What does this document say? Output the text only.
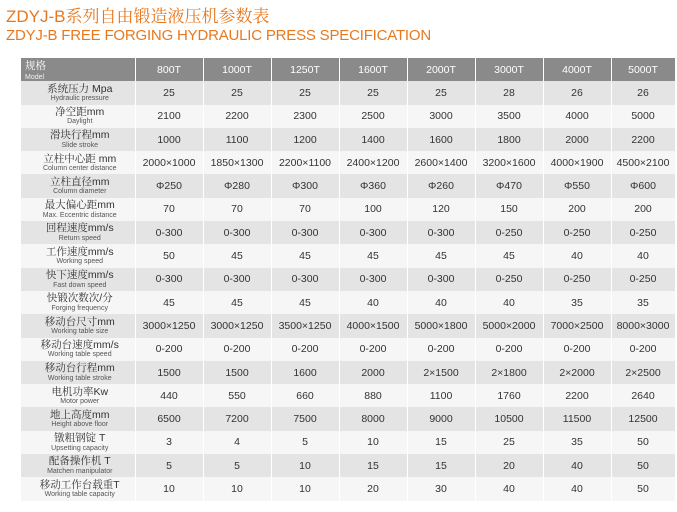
ZDYJ-B系列自由锻造液压机参数表
ZDYJ-B FREE FORGING HYDRAULIC PRESS SPECIFICATION
规格
Model	800T	1000T	1250T	1600T	2000T	3000T	4000T	5000T

系统压力 Mpa
Hydraulic pressure	25	25	25	25	25	28	26	26

净空距mm
Daylight	2100	2200	2300	2500	3000	3500	4000	5000

滑块行程mm
Slide stroke	1000	1100	1200	1400	1600	1800	2000	2200

立柱中心距 mm
Column center distance	2000×1000	1850×1300	2200×1100	2400×1200	2600×1400	3200×1600	4000×1900	4500×2100

立柱直径mm
Column diameter	Φ250	Φ280	Φ300	Φ360	Φ260	Φ470	Φ550	Φ600

最大偏心距mm
Max. Eccentric distance	70	70	70	100	120	150	200	200

回程速度mm/s
Return speed	0-300	0-300	0-300	0-300	0-300	0-250	0-250	0-250

工作速度mm/s
Working speed	50	45	45	45	45	45	40	40

快下速度mm/s
Fast down speed	0-300	0-300	0-300	0-300	0-300	0-250	0-250	0-250

快锻次数次/分
Forging frequency	45	45	45	40	40	40	35	35

移动台尺寸mm
Working table size	3000×1250	3000×1250	3500×1250	4000×1500	5000×1800	5000×2000	7000×2500	8000×3000

移动台速度mm/s
Working table speed	0-200	0-200	0-200	0-200	0-200	0-200	0-200	0-200

移动台行程mm
Working table stroke	1500	1500	1600	2000	2×1500	2×1800	2×2000	2×2500

电机功率Kw
Motor power	440	550	660	880	1100	1760	2200	2640

地上高度mm
Height above floor	6500	7200	7500	8000	9000	10500	11500	12500

镦粗钢锭 T
Upsetting capacity	3	4	5	10	15	25	35	50

配备操作机 T
Matchen manipulator	5	5	10	15	15	20	40	50

移动工作台载重T
Working table capacity	10	10	10	20	30	40	40	50
